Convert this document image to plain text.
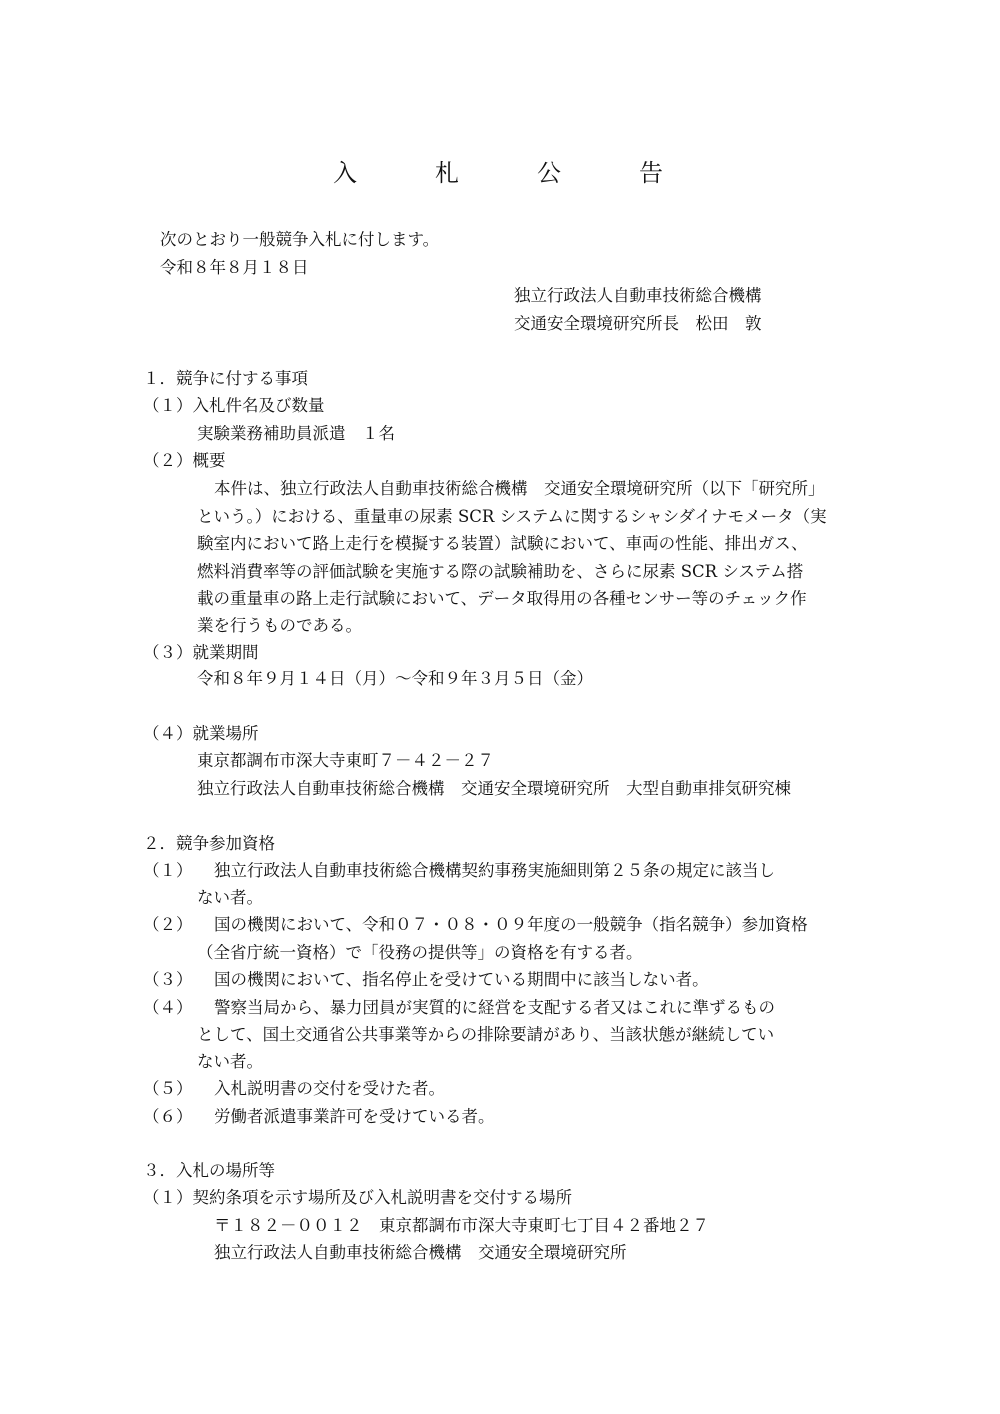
入	札	公	告
次のとおり一般競争入札に付します。
令和８年８月１８日
独立行政法人自動車技術総合機構
交通安全環境研究所長　松田　敦
１．競争に付する事項
（１）入札件名及び数量
実験業務補助員派遣　１名
（２）概要
本件は、独立行政法人自動車技術総合機構　交通安全環境研究所（以下「研究所」
という。）における、重量車の尿素 SCR システムに関するシャシダイナモメータ（実
験室内において路上走行を模擬する装置）試験において、車両の性能、排出ガス、
燃料消費率等の評価試験を実施する際の試験補助を、さらに尿素 SCR システム搭
載の重量車の路上走行試験において、データ取得用の各種センサー等のチェック作
業を行うものである。
（３）就業期間
令和８年９月１４日（月）～令和９年３月５日（金）
（４）就業場所
東京都調布市深大寺東町７－４２－２７
独立行政法人自動車技術総合機構　交通安全環境研究所　大型自動車排気研究棟
２．競争参加資格
（１） 独立行政法人自動車技術総合機構契約事務実施細則第２５条の規定に該当し
ない者。
（２） 国の機関において、令和０７・０８・０９年度の一般競争（指名競争）参加資格
（全省庁統一資格）で「役務の提供等」の資格を有する者。
（３） 国の機関において、指名停止を受けている期間中に該当しない者。
（４） 警察当局から、暴力団員が実質的に経営を支配する者又はこれに準ずるもの
として、国土交通省公共事業等からの排除要請があり、当該状態が継続してい
ない者。
（５） 入札説明書の交付を受けた者。
（６） 労働者派遣事業許可を受けている者。
３．入札の場所等
（１）契約条項を示す場所及び入札説明書を交付する場所
〒１８２－００１２　東京都調布市深大寺東町七丁目４２番地２７
独立行政法人自動車技術総合機構　交通安全環境研究所
